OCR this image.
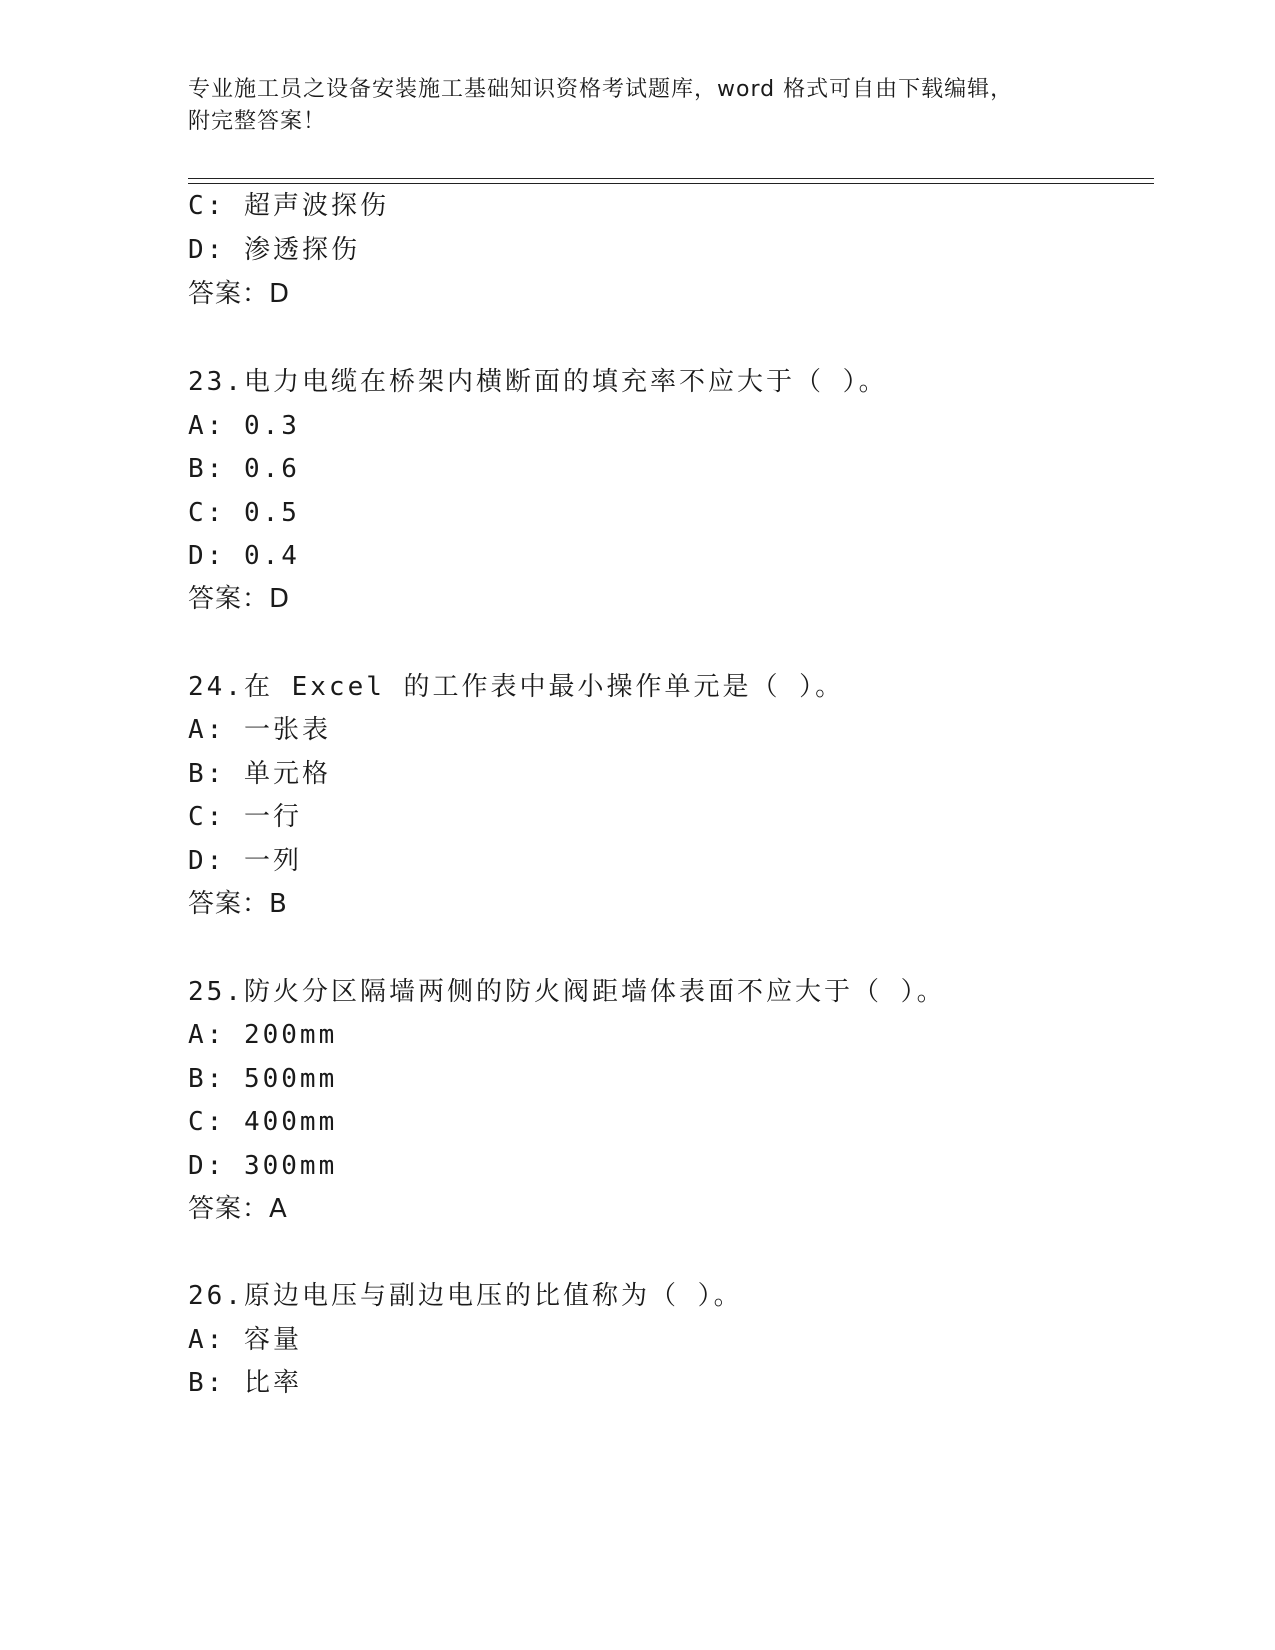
专业施工员之设备安装施工基础知识资格考试题库，word 格式可自由下载编辑，
附完整答案！
C: 超声波探伤
D: 渗透探伤
答案：D
23.电力电缆在桥架内横断面的填充率不应大于（ ）。
A: 0.3
B: 0.6
C: 0.5
D: 0.4
答案：D
24.在 Excel 的工作表中最小操作单元是（ ）。
A: 一张表
B: 单元格
C: 一行
D: 一列
答案：B
25.防火分区隔墙两侧的防火阀距墙体表面不应大于（ ）。
A: 200mm
B: 500mm
C: 400mm
D: 300mm
答案：A
26.原边电压与副边电压的比值称为（ ）。
A: 容量
B: 比率
